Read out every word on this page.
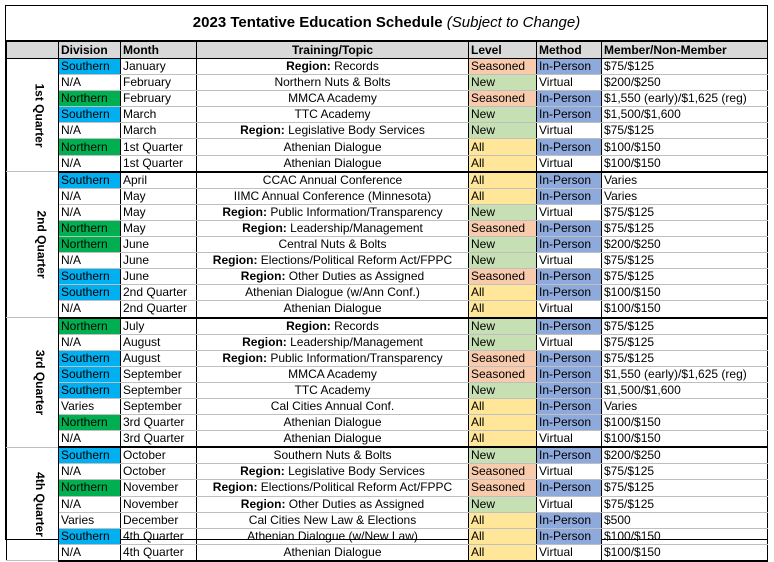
2023 Tentative Education Schedule (Subject to Change)
	Division	Month	Training/Topic	Level	Method	Member/Non-Member
1st Quarter	Southern	January	Region: Records	Seasoned	In-Person	$75/$125
	N/A	February	Northern Nuts & Bolts	New	Virtual	$200/$250
	Northern	February	MMCA Academy	Seasoned	In-Person	$1,550 (early)/$1,625 (reg)
	Southern	March	TTC Academy	New	In-Person	$1,500/$1,600
	N/A	March	Region: Legislative Body Services	New	Virtual	$75/$125
	Northern	1st Quarter	Athenian Dialogue	All	In-Person	$100/$150
	N/A	1st Quarter	Athenian Dialogue	All	Virtual	$100/$150
2nd Quarter	Southern	April	CCAC Annual Conference	All	In-Person	Varies
	N/A	May	IIMC Annual Conference (Minnesota)	All	In-Person	Varies
	N/A	May	Region: Public Information/Transparency	New	Virtual	$75/$125
	Northern	May	Region: Leadership/Management	Seasoned	In-Person	$75/$125
	Northern	June	Central Nuts & Bolts	New	In-Person	$200/$250
	N/A	June	Region: Elections/Political Reform Act/FPPC	New	Virtual	$75/$125
	Southern	June	Region: Other Duties as Assigned	Seasoned	In-Person	$75/$125
	Southern	2nd Quarter	Athenian Dialogue (w/Ann Conf.)	All	In-Person	$100/$150
	N/A	2nd Quarter	Athenian Dialogue	All	Virtual	$100/$150
3rd Quarter	Northern	July	Region: Records	New	In-Person	$75/$125
	N/A	August	Region: Leadership/Management	New	Virtual	$75/$125
	Southern	August	Region: Public Information/Transparency	Seasoned	In-Person	$75/$125
	Southern	September	MMCA Academy	Seasoned	In-Person	$1,550 (early)/$1,625 (reg)
	Southern	September	TTC Academy	New	In-Person	$1,500/$1,600
	Varies	September	Cal Cities Annual Conf.	All	In-Person	Varies
	Northern	3rd Quarter	Athenian Dialogue	All	In-Person	$100/$150
	N/A	3rd Quarter	Athenian Dialogue	All	Virtual	$100/$150
4th Quarter	Southern	October	Southern Nuts & Bolts	New	In-Person	$200/$250
	N/A	October	Region: Legislative Body Services	Seasoned	Virtual	$75/$125
	Northern	November	Region: Elections/Political Reform Act/FPPC	Seasoned	In-Person	$75/$125
	N/A	November	Region: Other Duties as Assigned	New	Virtual	$75/$125
	Varies	December	Cal Cities New Law & Elections	All	In-Person	$500
	Southern	4th Quarter	Athenian Dialogue (w/New Law)	All	In-Person	$100/$150
	N/A	4th Quarter	Athenian Dialogue	All	Virtual	$100/$150
